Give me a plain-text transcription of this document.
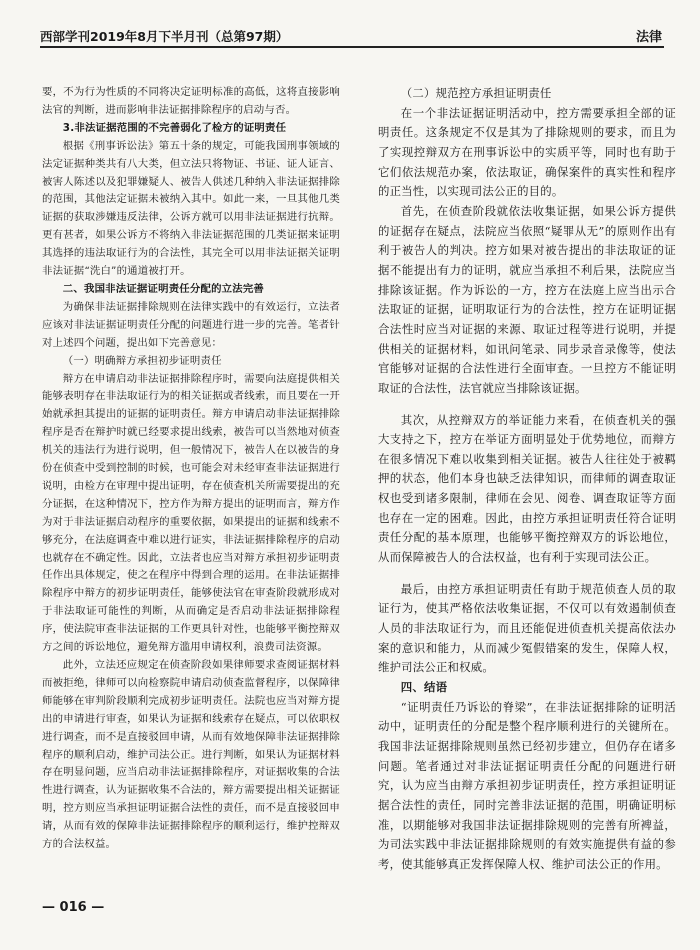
西部学刊2019年8月下半月刊（总第97期）	法律

要，不为行为性质的不同将决定证明标准的高低，这将直接影响法官的判断，进而影响非法证据排除程序的启动与否。

3.非法证据范围的不完善弱化了检方的证明责任

根据《刑事诉讼法》第五十条的规定，可能我国刑事领域的法定证据种类共有八大类，但立法只将物证、书证、证人证言、被害人陈述以及犯罪嫌疑人、被告人供述几种纳入非法证据排除的范围，其他法定证据未被纳入其中。如此一来，一旦其他几类证据的获取涉嫌违反法律，公诉方就可以用非法证据进行抗辩。更有甚者，如果公诉方不将纳入非法证据范围的几类证据来证明其选择的违法取证行为的合法性，其完全可以用非法证据关证明非法证据“洗白”的通道被打开。

二、我国非法证据证明责任分配的立法完善

为确保非法证据排除规则在法律实践中的有效运行，立法者应该对非法证据证明责任分配的问题进行进一步的完善。笔者针对上述四个问题，提出如下完善意见：

（一）明确辩方承担初步证明责任

辩方在申请启动非法证据排除程序时，需要向法庭提供相关能够表明存在非法取证行为的相关证据或者线索，而且要在一开始就承担其提出的证据的证明责任。辩方申请启动非法证据排除程序是否在辩护时就已经要求提出线索，被告可以当然地对侦查机关的违法行为进行说明，但一般情况下，被告人在以被告的身份在侦查中受到控制的时候，也可能会对未经审查非法证据进行说明，由检方在审理中提出证明，存在侦查机关所需要提出的充分证据，在这种情况下，控方作为辩方提出的证明而言，辩方作为对于非法证据启动程序的重要依据，如果提出的证据和线索不够充分，在法庭调查中难以进行证实，非法证据排除程序的启动也就存在不确定性。因此，立法者也应当对辩方承担初步证明责任作出具体规定，使之在程序中得到合理的运用。在非法证据排除程序中辩方的初步证明责任，能够使法官在审查阶段就形成对于非法取证可能性的判断，从而确定是否启动非法证据排除程序，使法院审查非法证据的工作更具针对性，也能够平衡控辩双方之间的诉讼地位，避免辩方滥用申请权利，浪费司法资源。

此外，立法还应规定在侦查阶段如果律师要求查阅证据材料而被拒绝，律师可以向检察院申请启动侦查监督程序，以保障律师能够在审判阶段顺利完成初步证明责任。法院也应当对辩方提出的申请进行审查，如果认为证据和线索存在疑点，可以依职权进行调查，而不是直接驳回申请，从而有效地保障非法证据排除程序的顺利启动，维护司法公正。进行判断，如果认为证据材料存在明显问题，应当启动非法证据排除程序，对证据收集的合法性进行调查，认为证据收集不合法的，辩方需要提出相关证据证明，控方则应当承担证明证据合法性的责任，而不是直接驳回申请，从而有效的保障非法证据排除程序的顺利运行，维护控辩双方的合法权益。

（二）规范控方承担证明责任

在一个非法证据证明活动中，控方需要承担全部的证明责任。这条规定不仅是其为了排除规则的要求，而且为了实现控辩双方在刑事诉讼中的实质平等，同时也有助于它们依法规范办案，依法取证，确保案件的真实性和程序的正当性，以实现司法公正的目的。

首先，在侦查阶段就依法收集证据，如果公诉方提供的证据存在疑点，法院应当依照“疑罪从无”的原则作出有利于被告人的判决。控方如果对被告提出的非法取证的证据不能提出有力的证明，就应当承担不利后果，法院应当排除该证据。作为诉讼的一方，控方在法庭上应当出示合法取证的证据，证明取证行为的合法性，控方在证明证据合法性时应当对证据的来源、取证过程等进行说明，并提供相关的证据材料，如讯问笔录、同步录音录像等，使法官能够对证据的合法性进行全面审查。一旦控方不能证明取证的合法性，法官就应当排除该证据。

其次，从控辩双方的举证能力来看，在侦查机关的强大支持之下，控方在举证方面明显处于优势地位，而辩方在很多情况下难以收集到相关证据。被告人往往处于被羁押的状态，他们本身也缺乏法律知识，而律师的调查取证权也受到诸多限制，律师在会见、阅卷、调查取证等方面也存在一定的困难。因此，由控方承担证明责任符合证明责任分配的基本原理，也能够平衡控辩双方的诉讼地位，从而保障被告人的合法权益，也有利于实现司法公正。

最后，由控方承担证明责任有助于规范侦查人员的取证行为，使其严格依法收集证据，不仅可以有效遏制侦查人员的非法取证行为，而且还能促进侦查机关提高依法办案的意识和能力，从而减少冤假错案的发生，保障人权，维护司法公正和权威。

四、结语

“证明责任乃诉讼的脊梁”，在非法证据排除的证明活动中，证明责任的分配是整个程序顺利进行的关键所在。我国非法证据排除规则虽然已经初步建立，但仍存在诸多问题。笔者通过对非法证据证明责任分配的问题进行研究，认为应当由辩方承担初步证明责任，控方承担证明证据合法性的责任，同时完善非法证据的范围，明确证明标准，以期能够对我国非法证据排除规则的完善有所裨益，为司法实践中非法证据排除规则的有效实施提供有益的参考，使其能够真正发挥保障人权、维护司法公正的作用。

— 016 —
